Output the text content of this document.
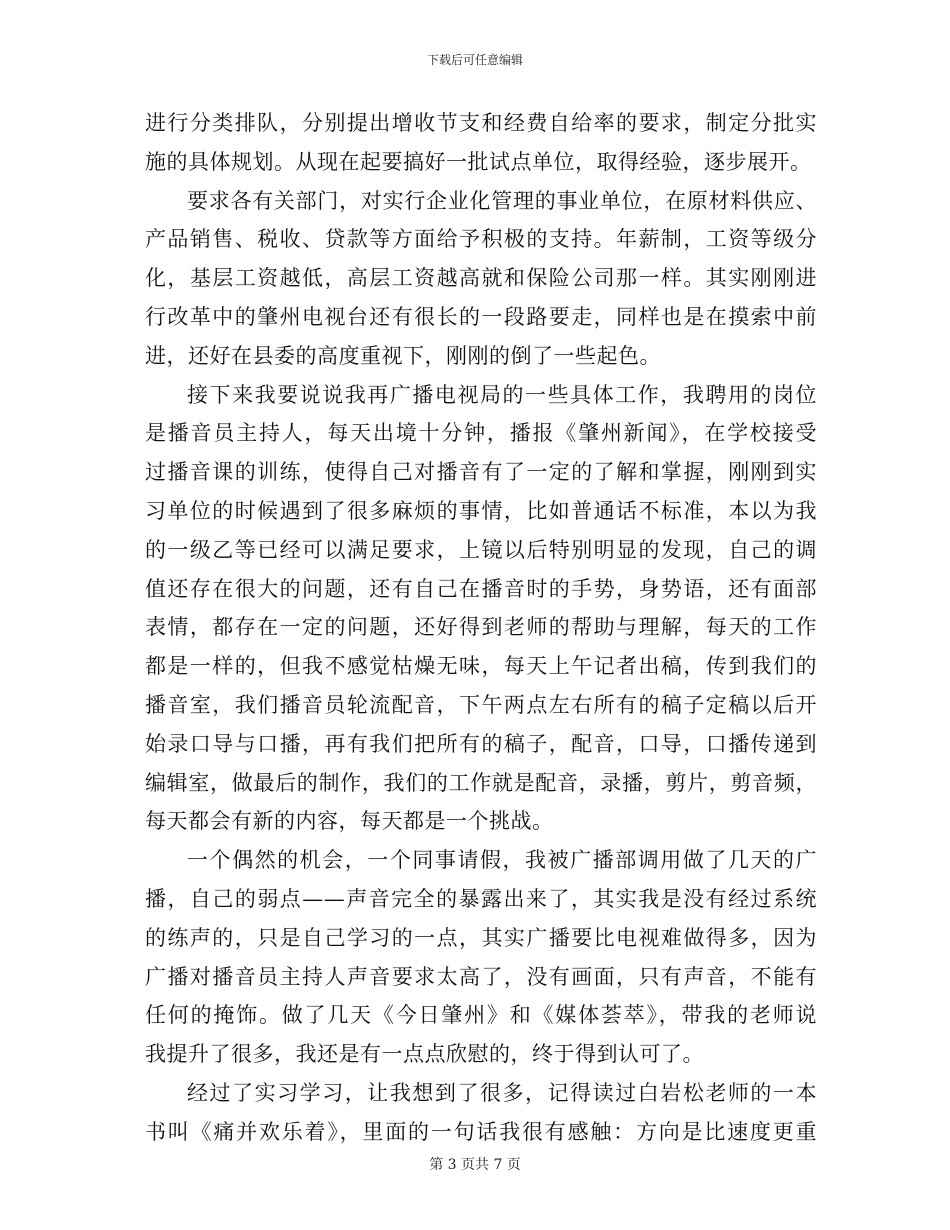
下载后可任意编辑
进行分类排队，分别提出增收节支和经费自给率的要求，制定分批实
施的具体规划。从现在起要搞好一批试点单位，取得经验，逐步展开。
要求各有关部门，对实行企业化管理的事业单位，在原材料供应、
产品销售、税收、贷款等方面给予积极的支持。年薪制，工资等级分
化，基层工资越低，高层工资越高就和保险公司那一样。其实刚刚进
行改革中的肇州电视台还有很长的一段路要走，同样也是在摸索中前
进，还好在县委的高度重视下，刚刚的倒了一些起色。
接下来我要说说我再广播电视局的一些具体工作，我聘用的岗位
是播音员主持人，每天出境十分钟，播报《肇州新闻》，在学校接受
过播音课的训练，使得自己对播音有了一定的了解和掌握，刚刚到实
习单位的时候遇到了很多麻烦的事情，比如普通话不标准，本以为我
的一级乙等已经可以满足要求，上镜以后特别明显的发现，自己的调
值还存在很大的问题，还有自己在播音时的手势，身势语，还有面部
表情，都存在一定的问题，还好得到老师的帮助与理解，每天的工作
都是一样的，但我不感觉枯燥无味，每天上午记者出稿，传到我们的
播音室，我们播音员轮流配音，下午两点左右所有的稿子定稿以后开
始录口导与口播，再有我们把所有的稿子，配音，口导，口播传递到
编辑室，做最后的制作，我们的工作就是配音，录播，剪片，剪音频，
每天都会有新的内容，每天都是一个挑战。
一个偶然的机会，一个同事请假，我被广播部调用做了几天的广
播，自己的弱点——声音完全的暴露出来了，其实我是没有经过系统
的练声的，只是自己学习的一点，其实广播要比电视难做得多，因为
广播对播音员主持人声音要求太高了，没有画面，只有声音，不能有
任何的掩饰。做了几天《今日肇州》和《媒体荟萃》，带我的老师说
我提升了很多，我还是有一点点欣慰的，终于得到认可了。
经过了实习学习，让我想到了很多，记得读过白岩松老师的一本
书叫《痛并欢乐着》，里面的一句话我很有感触：方向是比速度更重
第 3 页共 7 页
